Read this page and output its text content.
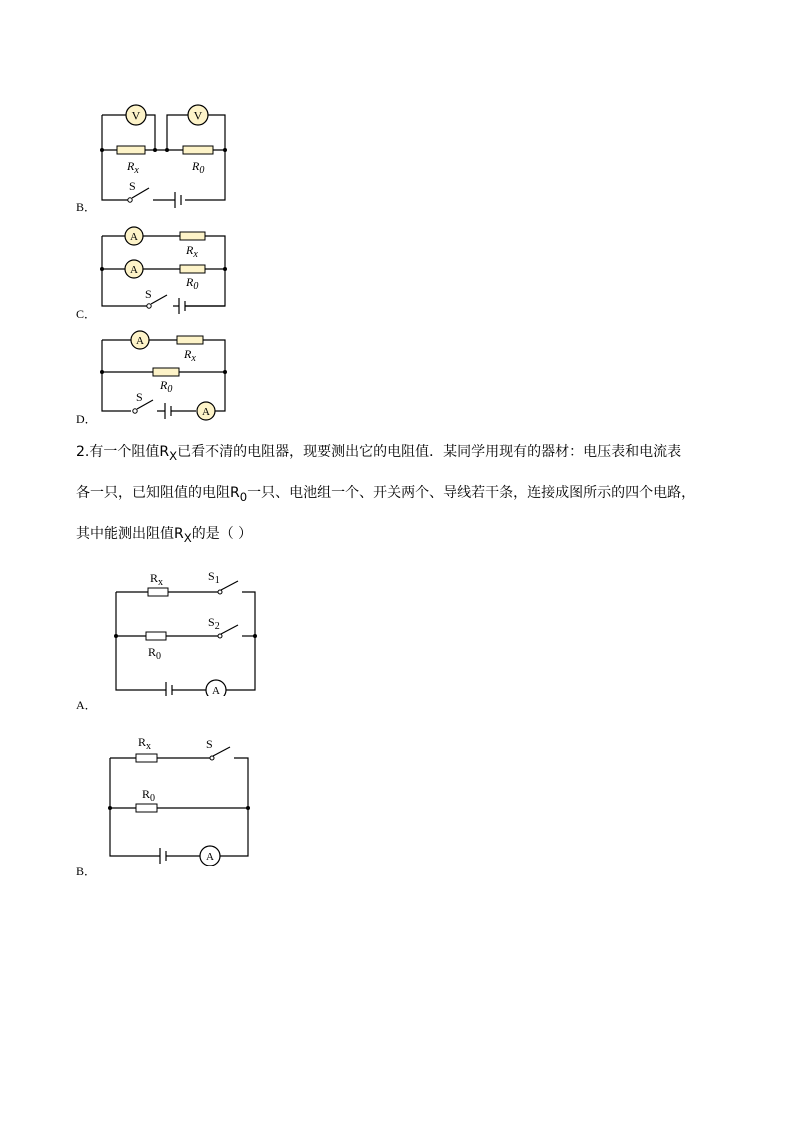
V	V
$R_x$	$R_0$
S
B．
A
A
$R_x$
$R_0$
S
C．
A
A
$R_x$
$R_0$
S
D．
2.有一个阻值$R_X$已看不清的电阻器，现要测出它的电阻值．某同学用现有的器材：电压表和电流表
各一只，已知阻值的电阻$R_0$一只、电池组一个、开关两个、导线若干条，连接成图所示的四个电路，
其中能测出阻值$R_X$的是（ ）
A
$R_x$
$R_0$
$S_1$
$S_2$
A．
A
$R_x$
$R_0$
S
B．
